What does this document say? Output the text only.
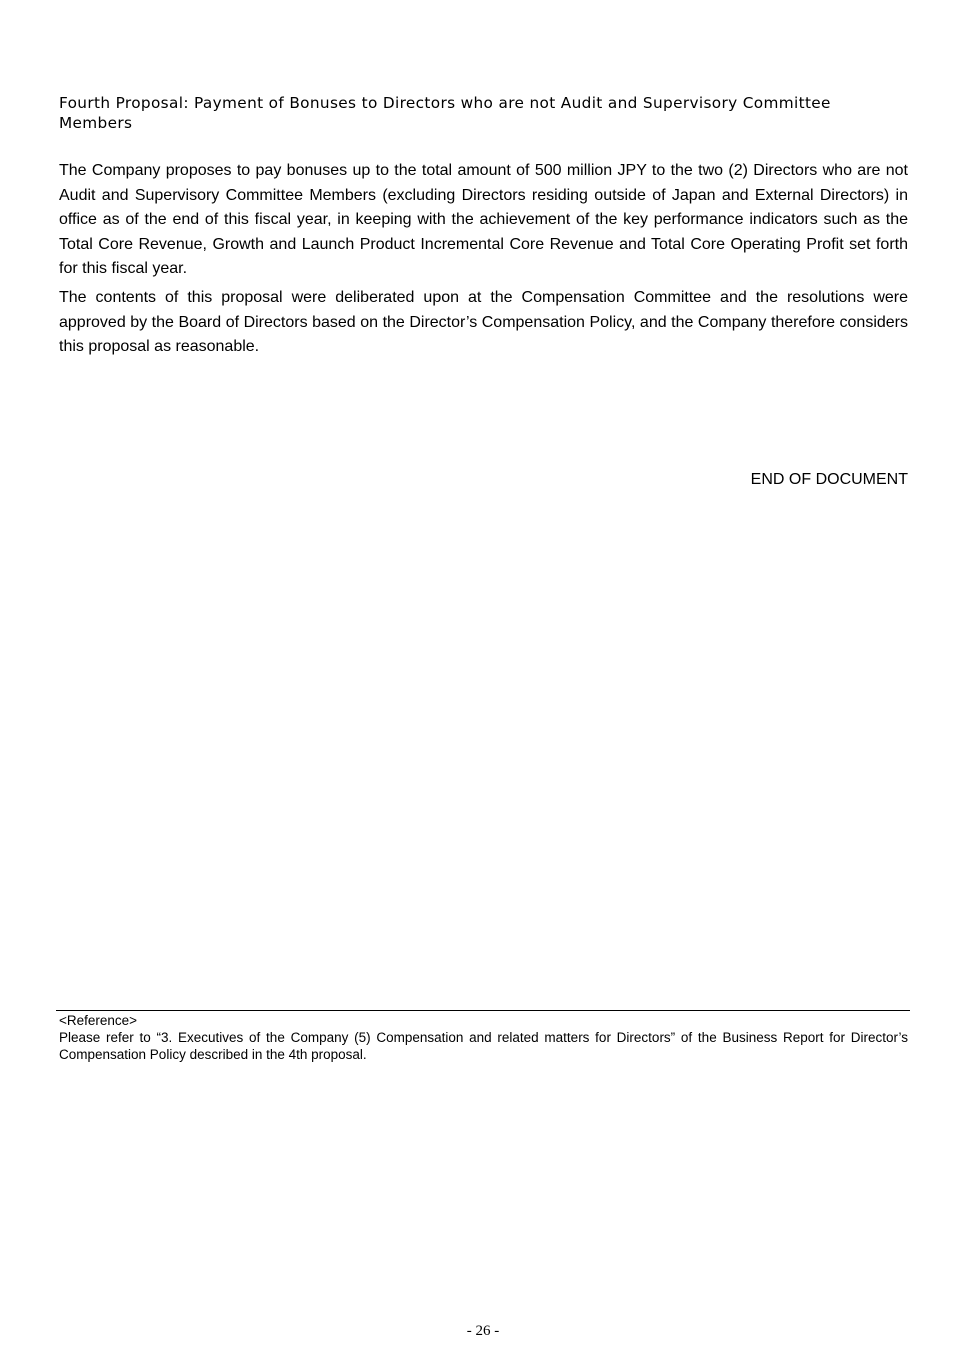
Fourth Proposal: Payment of Bonuses to Directors who are not Audit and Supervisory Committee Members

The Company proposes to pay bonuses up to the total amount of 500 million JPY to the two (2) Directors who are not Audit and Supervisory Committee Members (excluding Directors residing outside of Japan and External Directors) in office as of the end of this fiscal year, in keeping with the achievement of the key performance indicators such as the Total Core Revenue, Growth and Launch Product Incremental Core Revenue and Total Core Operating Profit set forth for this fiscal year.

The contents of this proposal were deliberated upon at the Compensation Committee and the resolutions were approved by the Board of Directors based on the Director’s Compensation Policy, and the Company therefore considers this proposal as reasonable.

END OF DOCUMENT

<Reference>

Please refer to “3. Executives of the Company (5) Compensation and related matters for Directors” of the Business Report for Director’s Compensation Policy described in the 4th proposal.

- 26 -
